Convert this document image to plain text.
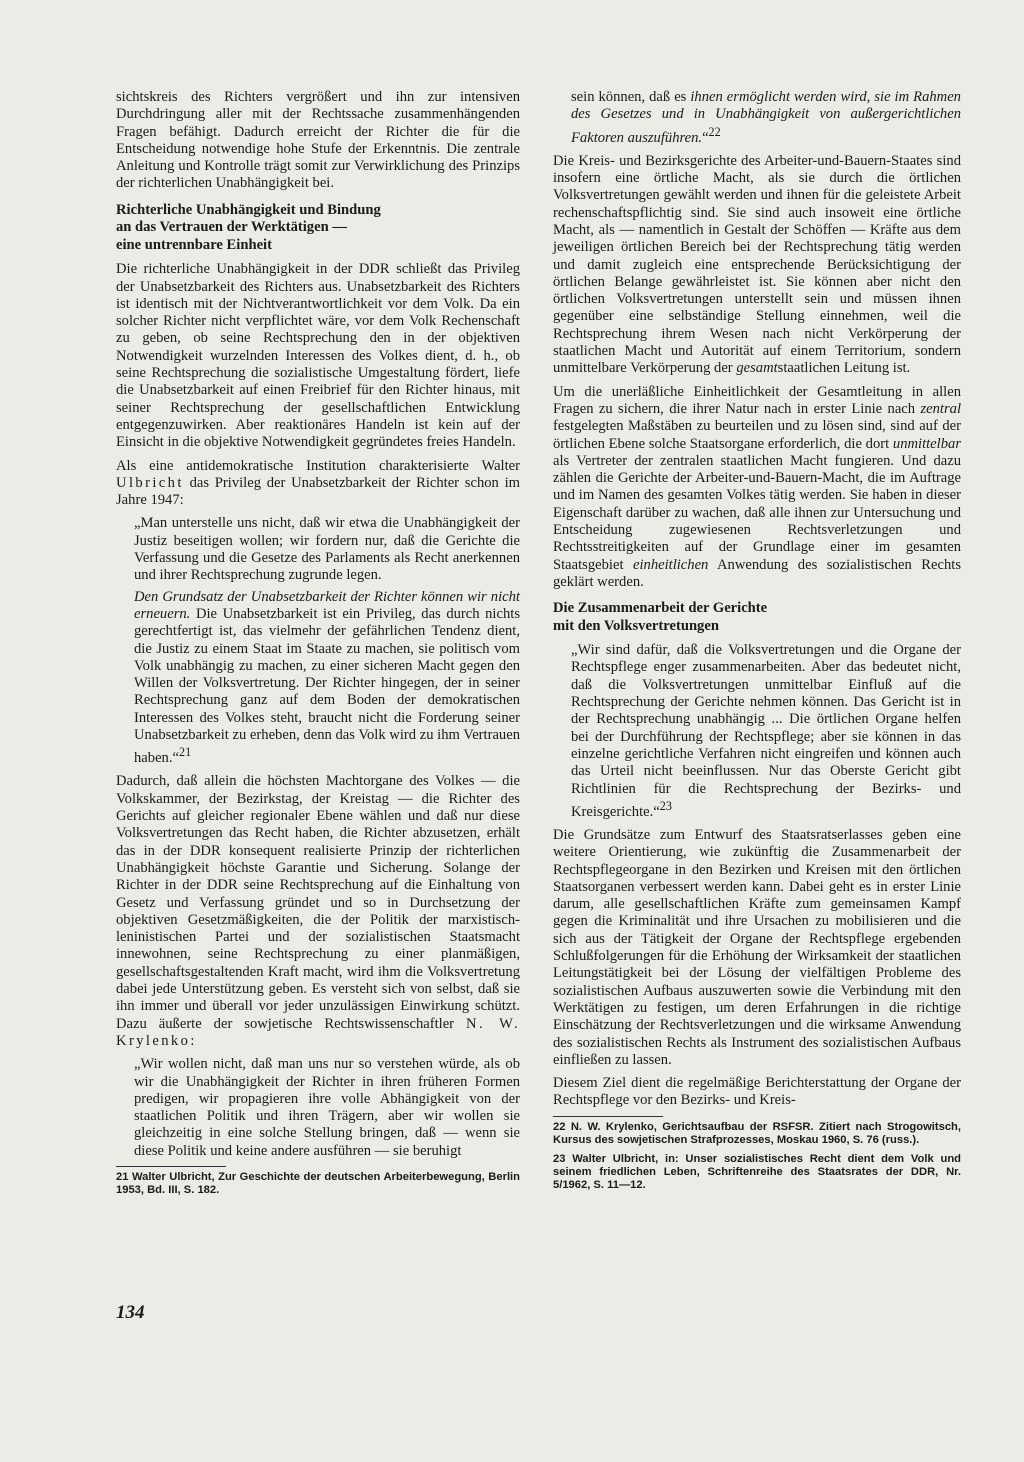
sichtskreis des Richters vergrößert und ihn zur intensiven Durchdringung aller mit der Rechtssache zusammenhängenden Fragen befähigt. Dadurch erreicht der Richter die für die Entscheidung notwendige hohe Stufe der Erkenntnis. Die zentrale Anleitung und Kontrolle trägt somit zur Verwirklichung des Prinzips der richterlichen Unabhängigkeit bei.

Richterliche Unabhängigkeit und Bindung
an das Vertrauen der Werktätigen —
eine untrennbare Einheit

Die richterliche Unabhängigkeit in der DDR schließt das Privileg der Unabsetzbarkeit des Richters aus. Unabsetzbarkeit des Richters ist identisch mit der Nichtverantwortlichkeit vor dem Volk. Da ein solcher Richter nicht verpflichtet wäre, vor dem Volk Rechenschaft zu geben, ob seine Rechtsprechung den in der objektiven Notwendigkeit wurzelnden Interessen des Volkes dient, d. h., ob seine Rechtsprechung die sozialistische Umgestaltung fördert, liefe die Unabsetzbarkeit auf einen Freibrief für den Richter hinaus, mit seiner Rechtsprechung der gesellschaftlichen Entwicklung entgegenzuwirken. Aber reaktionäres Handeln ist kein auf der Einsicht in die objektive Notwendigkeit gegründetes freies Handeln.

Als eine antidemokratische Institution charakterisierte Walter Ulbricht das Privileg der Unabsetzbarkeit der Richter schon im Jahre 1947:

„Man unterstelle uns nicht, daß wir etwa die Unabhängigkeit der Justiz beseitigen wollen; wir fordern nur, daß die Gerichte die Verfassung und die Gesetze des Parlaments als Recht anerkennen und ihrer Rechtsprechung zugrunde legen.

Den Grundsatz der Unabsetzbarkeit der Richter können wir nicht erneuern. Die Unabsetzbarkeit ist ein Privileg, das durch nichts gerechtfertigt ist, das vielmehr der gefährlichen Tendenz dient, die Justiz zu einem Staat im Staate zu machen, sie politisch vom Volk unabhängig zu machen, zu einer sicheren Macht gegen den Willen der Volksvertretung. Der Richter hingegen, der in seiner Rechtsprechung ganz auf dem Boden der demokratischen Interessen des Volkes steht, braucht nicht die Forderung seiner Unabsetzbarkeit zu erheben, denn das Volk wird zu ihm Vertrauen haben.“$^{21}$

Dadurch, daß allein die höchsten Machtorgane des Volkes — die Volkskammer, der Bezirkstag, der Kreistag — die Richter des Gerichts auf gleicher regionaler Ebene wählen und daß nur diese Volksvertretungen das Recht haben, die Richter abzusetzen, erhält das in der DDR konsequent realisierte Prinzip der richterlichen Unabhängigkeit höchste Garantie und Sicherung. Solange der Richter in der DDR seine Rechtsprechung auf die Einhaltung von Gesetz und Verfassung gründet und so in Durchsetzung der objektiven Gesetzmäßigkeiten, die der Politik der marxistisch-leninistischen Partei und der sozialistischen Staatsmacht innewohnen, seine Rechtsprechung zu einer planmäßigen, gesellschaftsgestaltenden Kraft macht, wird ihm die Volksvertretung dabei jede Unterstützung geben. Es versteht sich von selbst, daß sie ihn immer und überall vor jeder unzulässigen Einwirkung schützt. Dazu äußerte der sowjetische Rechtswissenschaftler N. W. Krylenko:

„Wir wollen nicht, daß man uns nur so verstehen würde, als ob wir die Unabhängigkeit der Richter in ihren früheren Formen predigen, wir propagieren ihre volle Abhängigkeit von der staatlichen Politik und ihren Trägern, aber wir wollen sie gleichzeitig in eine solche Stellung bringen, daß — wenn sie diese Politik und keine andere ausführen — sie beruhigt

21 Walter Ulbricht, Zur Geschichte der deutschen Arbeiterbewegung, Berlin 1953, Bd. III, S. 182.

sein können, daß es ihnen ermöglicht werden wird, sie im Rahmen des Gesetzes und in Unabhängigkeit von außergerichtlichen Faktoren auszuführen.“$^{22}$

Die Kreis- und Bezirksgerichte des Arbeiter-und-Bauern-Staates sind insofern eine örtliche Macht, als sie durch die örtlichen Volksvertretungen gewählt werden und ihnen für die geleistete Arbeit rechenschaftspflichtig sind. Sie sind auch insoweit eine örtliche Macht, als — namentlich in Gestalt der Schöffen — Kräfte aus dem jeweiligen örtlichen Bereich bei der Rechtsprechung tätig werden und damit zugleich eine entsprechende Berücksichtigung der örtlichen Belange gewährleistet ist. Sie können aber nicht den örtlichen Volksvertretungen unterstellt sein und müssen ihnen gegenüber eine selbständige Stellung einnehmen, weil die Rechtsprechung ihrem Wesen nach nicht Verkörperung der staatlichen Macht und Autorität auf einem Territorium, sondern unmittelbare Verkörperung der gesamtstaatlichen Leitung ist.

Um die unerläßliche Einheitlichkeit der Gesamtleitung in allen Fragen zu sichern, die ihrer Natur nach in erster Linie nach zentral festgelegten Maßstäben zu beurteilen und zu lösen sind, sind auf der örtlichen Ebene solche Staatsorgane erforderlich, die dort unmittelbar als Vertreter der zentralen staatlichen Macht fungieren. Und dazu zählen die Gerichte der Arbeiter-und-Bauern-Macht, die im Auftrage und im Namen des gesamten Volkes tätig werden. Sie haben in dieser Eigenschaft darüber zu wachen, daß alle ihnen zur Untersuchung und Entscheidung zugewiesenen Rechtsverletzungen und Rechtsstreitigkeiten auf der Grundlage einer im gesamten Staatsgebiet einheitlichen Anwendung des sozialistischen Rechts geklärt werden.

Die Zusammenarbeit der Gerichte
mit den Volksvertretungen

„Wir sind dafür, daß die Volksvertretungen und die Organe der Rechtspflege enger zusammenarbeiten. Aber das bedeutet nicht, daß die Volksvertretungen unmittelbar Einfluß auf die Rechtsprechung der Gerichte nehmen können. Das Gericht ist in der Rechtsprechung unabhängig ... Die örtlichen Organe helfen bei der Durchführung der Rechtspflege; aber sie können in das einzelne gerichtliche Verfahren nicht eingreifen und können auch das Urteil nicht beeinflussen. Nur das Oberste Gericht gibt Richtlinien für die Rechtsprechung der Bezirks- und Kreisgerichte.“$^{23}$

Die Grundsätze zum Entwurf des Staatsratserlasses geben eine weitere Orientierung, wie zukünftig die Zusammenarbeit der Rechtspflegeorgane in den Bezirken und Kreisen mit den örtlichen Staatsorganen verbessert werden kann. Dabei geht es in erster Linie darum, alle gesellschaftlichen Kräfte zum gemeinsamen Kampf gegen die Kriminalität und ihre Ursachen zu mobilisieren und die sich aus der Tätigkeit der Organe der Rechtspflege ergebenden Schlußfolgerungen für die Erhöhung der Wirksamkeit der staatlichen Leitungstätigkeit bei der Lösung der vielfältigen Probleme des sozialistischen Aufbaus auszuwerten sowie die Verbindung mit den Werktätigen zu festigen, um deren Erfahrungen in die richtige Einschätzung der Rechtsverletzungen und die wirksame Anwendung des sozialistischen Rechts als Instrument des sozialistischen Aufbaus einfließen zu lassen.

Diesem Ziel dient die regelmäßige Berichterstattung der Organe der Rechtspflege vor den Bezirks- und Kreis-

22 N. W. Krylenko, Gerichtsaufbau der RSFSR. Zitiert nach Strogowitsch, Kursus des sowjetischen Strafprozesses, Moskau 1960, S. 76 (russ.).

23 Walter Ulbricht, in: Unser sozialistisches Recht dient dem Volk und seinem friedlichen Leben, Schriftenreihe des Staatsrates der DDR, Nr. 5/1962, S. 11—12.

134
